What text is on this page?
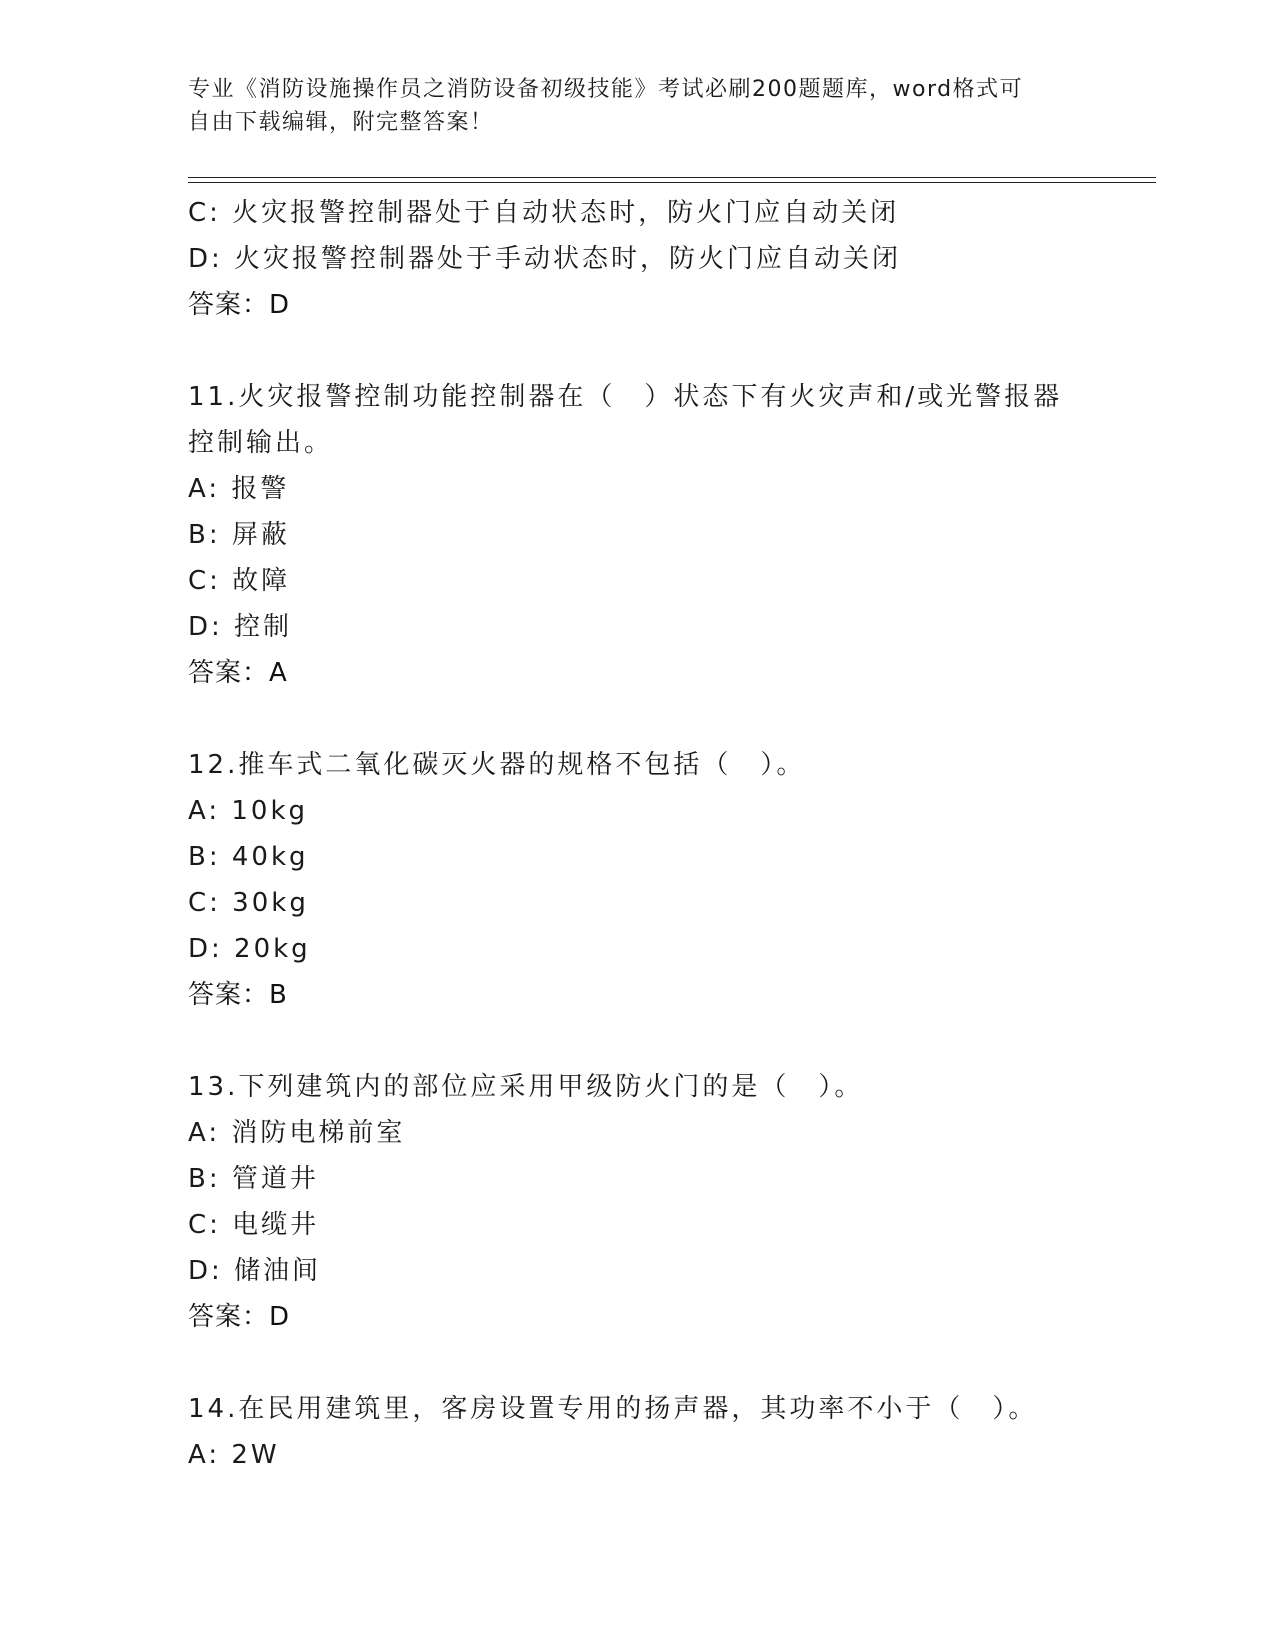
专业《消防设施操作员之消防设备初级技能》考试必刷200题题库，word格式可
自由下载编辑，附完整答案！
C: 火灾报警控制器处于自动状态时，防火门应自动关闭
D: 火灾报警控制器处于手动状态时，防火门应自动关闭
答案：D
11.火灾报警控制功能控制器在（　）状态下有火灾声和/或光警报器
控制输出。
A: 报警
B: 屏蔽
C: 故障
D: 控制
答案：A
12.推车式二氧化碳灭火器的规格不包括（　）。
A: 10kg
B: 40kg
C: 30kg
D: 20kg
答案：B
13.下列建筑内的部位应采用甲级防火门的是（　）。
A: 消防电梯前室
B: 管道井
C: 电缆井
D: 储油间
答案：D
14.在民用建筑里，客房设置专用的扬声器，其功率不小于（　）。
A: 2W
